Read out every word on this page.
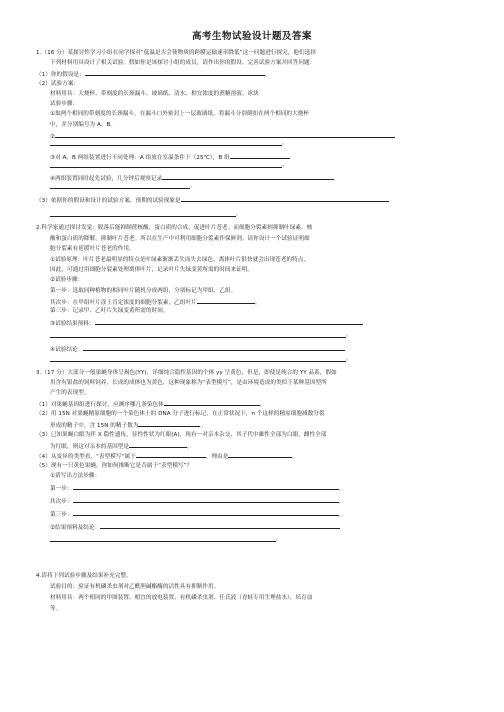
高考生物试验设计题及答案
1.（16 分）某探讨性学习小组在同学探对“低温是否会使物质的跨膜运输速率降低”这一问题进行探究，他们选择
下列材料用具设计了相关试验。假如你是该探讨小组的成员，请作出你的假设、完善试验方案并回答问题：
（1）你的假设是：	。
（2）试验方案：
材料用具：大烧杯、带刻度的长颈漏斗、玻璃纸、清水、相宜浓度的蔗糖溶液、冰块
试验步骤：
①取两个相同的带刻度的长颈漏斗，在漏斗口外密封上一层玻璃纸，将漏斗分别倒扣在两个相同的大烧杯
中，并分别编号为 A、B。
②
。
③对 A、B 两组装置进行不同处理：A 组放在室温条件下（25℃），B 组
。
④两组装置同时起先试验，几分钟后观察记录
。
（3）依据你的假设和设计的试验方案，预期的试验现象是
。
2.科学家通过探讨发觉：脱落后能抑制蔗核酸、蛋白质的合成，促进叶片苍老。而细胞分裂素则抑制叶绿素、核
酸和蛋白质的降解，抑制叶片苍老。所以在生产中可利用细胞分裂素作保鲜剂。请你设计一个试验证明细
胞分裂素有延缓叶片苍老的作用。
①试验原理：叶片苍老最明显的特点是叶绿素渐渐丢失而失去绿色，离体叶片很快就会出现苍老的特点，
因此，可通过用细胞分裂素处理离体叶片，记录叶片失绿变黄所需的时间来证明。
②试验步骤：
第一步：选取同种植物的相同叶片随机分成两组，分别标记为甲组、乙组。
其次步：在甲组叶片涂上肯定浓度的细胞分裂素，乙组叶片	。
第三步：记录甲、乙叶片失绿变黄所需的时间。
③试验结果预料：
。
④试验结论：
。
3.（17 分）大部分一般果蝇身体呈褐色(YY)，详细纯合隐性基因的个体 yy 呈黄色，但是，即使是纯合的 YY 品系，假如
用含有银盐的饲料饲养，长成的成体也为黄色，这种现象称为“表型模写”，是由环境造成的类似于某种基因型所
产生的表现型。
（1）对果蝇基因组进行探讨，应测序哪几条染色体	。
（2）用 15N 对果蝇精原细胞的一个染色体上的 DNA 分子进行标记，在正常状况下，n 个这样的精原细胞减数分裂
形成的精子中，含 15N 的精子数为	。
（3）已知果蝇白眼为伴 X 隐性遗传，显性性状为红眼(A)，现有一对亲本杂交，其子代中雄性全部为白眼，雌性全部
为红眼，则这对亲本的基因型是	。
（4）从变异的类型看，“表型模写”属于	，理由是	。
（5）现有一只黄色果蝇，你如何推断它是否属于“表型模写”？
①请写出方法步骤：
第一步：	。
其次步：	。
第三步：	。
②结果预料及结论：
。
4.请将下列试验步骤及结果补充完整。
试验目的：验证有机磷杀虫剂对乙酰胆碱酯酶的活性具有抑制作用。
材料用具：两个相同的甲图装置、相宜的放电装置、有机磷杀虫剂、任氏液（青蛙专用生理盐水）、培育皿
等。
